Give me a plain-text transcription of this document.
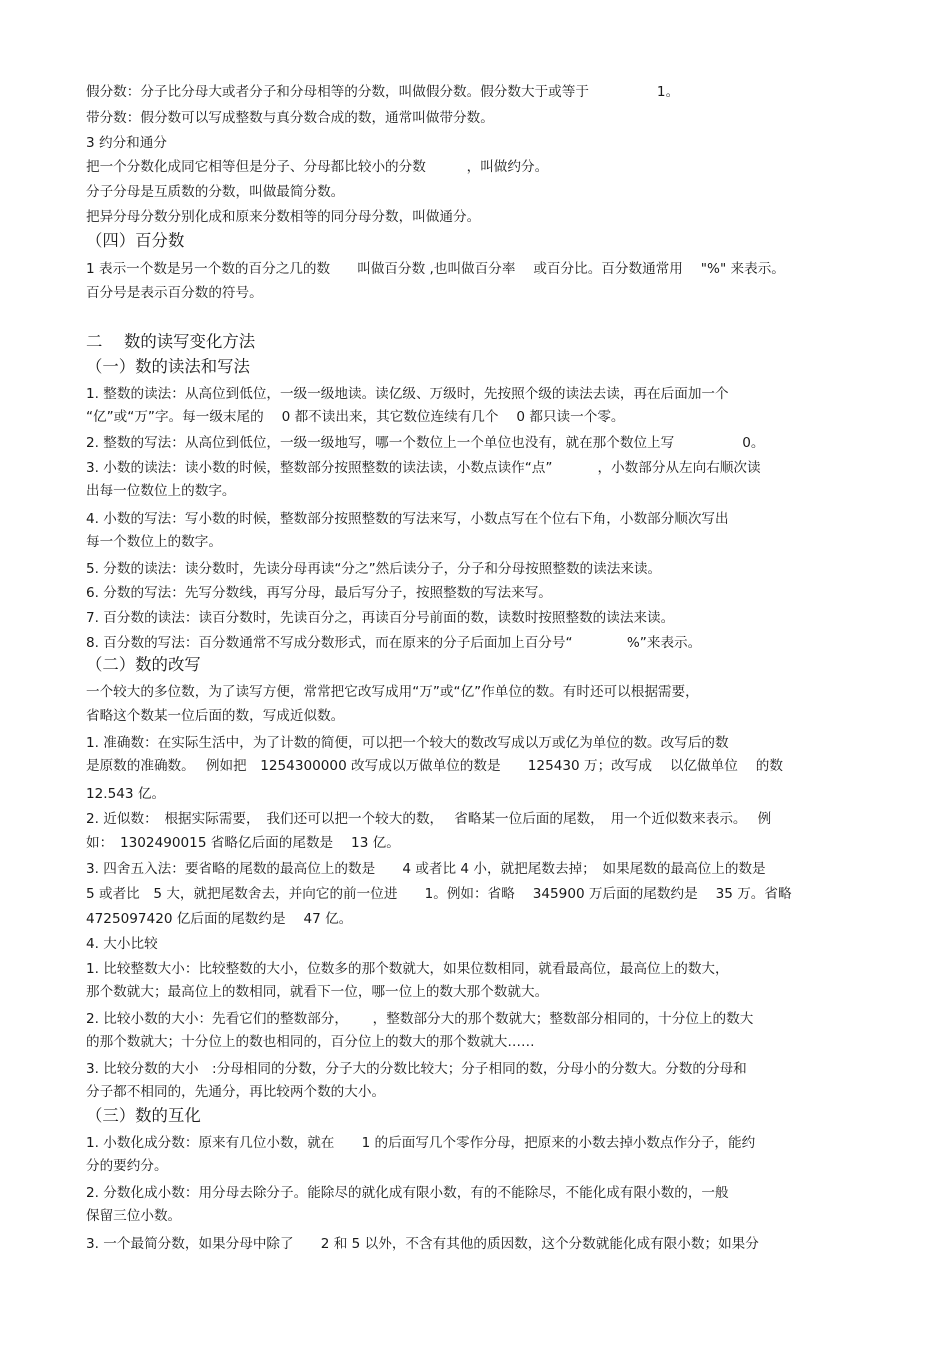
假分数：分子比分母大或者分子和分母相等的分数，叫做假分数。假分数大于或等于　　　　　1。
带分数：假分数可以写成整数与真分数合成的数，通常叫做带分数。
3 约分和通分
把一个分数化成同它相等但是分子、分母都比较小的分数　　　，叫做约分。
分子分母是互质数的分数，叫做最简分数。
把异分母分数分别化成和原来分数相等的同分母分数，叫做通分。
（四）百分数
1 表示一个数是另一个数的百分之几的数　　叫做百分数 ,也叫做百分率　 或百分比。百分数通常用　 "%" 来表示。
百分号是表示百分数的符号。
二　 数的读写变化方法
（一）数的读法和写法
1. 整数的读法：从高位到低位，一级一级地读。读亿级、万级时，先按照个级的读法去读，再在后面加一个
“亿”或“万”字。每一级末尾的　 0 都不读出来，其它数位连续有几个　 0 都只读一个零。
2. 整数的写法：从高位到低位，一级一级地写，哪一个数位上一个单位也没有，就在那个数位上写　　　　　0。
3. 小数的读法：读小数的时候，整数部分按照整数的读法读，小数点读作“点”　　　 ，小数部分从左向右顺次读
出每一位数位上的数字。
4. 小数的写法：写小数的时候，整数部分按照整数的写法来写，小数点写在个位右下角，小数部分顺次写出
每一个数位上的数字。
5. 分数的读法：读分数时，先读分母再读“分之”然后读分子，分子和分母按照整数的读法来读。
6. 分数的写法：先写分数线，再写分母，最后写分子，按照整数的写法来写。
7. 百分数的读法：读百分数时，先读百分之，再读百分号前面的数，读数时按照整数的读法来读。
8. 百分数的写法：百分数通常不写成分数形式，而在原来的分子后面加上百分号“　　　　%”来表示。
（二）数的改写
一个较大的多位数，为了读写方便，常常把它改写成用“万”或“亿”作单位的数。有时还可以根据需要，
省略这个数某一位后面的数，写成近似数。
1. 准确数：在实际生活中，为了计数的简便，可以把一个较大的数改写成以万或亿为单位的数。改写后的数
是原数的准确数。　 例如把　1254300000 改写成以万做单位的数是　　125430 万；改写成　 以亿做单位　 的数
12.543 亿。
2. 近似数：　根据实际需要，　我们还可以把一个较大的数，　 省略某一位后面的尾数，　用一个近似数来表示。　 例
如：　1302490015 省略亿后面的尾数是　 13 亿。
3. 四舍五入法：要省略的尾数的最高位上的数是　　4 或者比 4 小，就把尾数去掉；　如果尾数的最高位上的数是
5 或者比　5 大，就把尾数舍去，并向它的前一位进　　1。例如：省略　 345900 万后面的尾数约是　 35 万。省略
4725097420 亿后面的尾数约是　 47 亿。
4. 大小比较
1. 比较整数大小：比较整数的大小，位数多的那个数就大，如果位数相同，就看最高位，最高位上的数大，
那个数就大；最高位上的数相同，就看下一位，哪一位上的数大那个数就大。
2. 比较小数的大小：先看它们的整数部分，　　 ，整数部分大的那个数就大；整数部分相同的，十分位上的数大
的那个数就大；十分位上的数也相同的，百分位上的数大的那个数就大……
3. 比较分数的大小　:分母相同的分数，分子大的分数比较大；分子相同的数，分母小的分数大。分数的分母和
分子都不相同的，先通分，再比较两个数的大小。
（三）数的互化
1. 小数化成分数：原来有几位小数，就在　　1 的后面写几个零作分母，把原来的小数去掉小数点作分子，能约
分的要约分。
2. 分数化成小数：用分母去除分子。能除尽的就化成有限小数，有的不能除尽，不能化成有限小数的，一般
保留三位小数。
3. 一个最简分数，如果分母中除了　　2 和 5 以外，不含有其他的质因数，这个分数就能化成有限小数；如果分
